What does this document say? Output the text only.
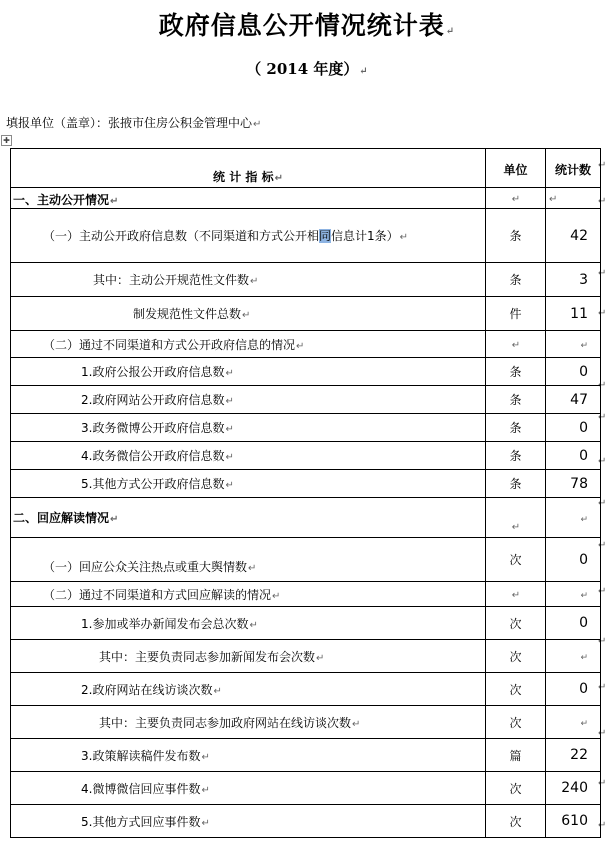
政府信息公开情况统计表↵
（ 2014 年度）↵
填报单位（盖章）：张掖市住房公积金管理中心↵
✚
↵
↵
↵
↵
↵
↵
↵
↵
↵
↵
↵
↵
↵
↵
↵
统 计 指 标↵	单位	统计数
一、主动公开情况↵	↵	↵
（一）主动公开政府信息数（不同渠道和方式公开相同信息计1条）↵	条	42
其中：主动公开规范性文件数↵	条	3
制发规范性文件总数↵	件	11
（二）通过不同渠道和方式公开政府信息的情况↵	↵	↵
1.政府公报公开政府信息数↵	条	0
2.政府网站公开政府信息数↵	条	47
3.政务微博公开政府信息数↵	条	0
4.政务微信公开政府信息数↵	条	0
5.其他方式公开政府信息数↵	条	78
二、回应解读情况↵	↵	↵
（一）回应公众关注热点或重大舆情数↵	次	0
（二）通过不同渠道和方式回应解读的情况↵	↵	↵
1.参加或举办新闻发布会总次数↵	次	0
其中：主要负责同志参加新闻发布会次数↵	次	↵
2.政府网站在线访谈次数↵	次	0
其中：主要负责同志参加政府网站在线访谈次数↵	次	↵
3.政策解读稿件发布数↵	篇	22
4.微博微信回应事件数↵	次	240
5.其他方式回应事件数↵	次	610
